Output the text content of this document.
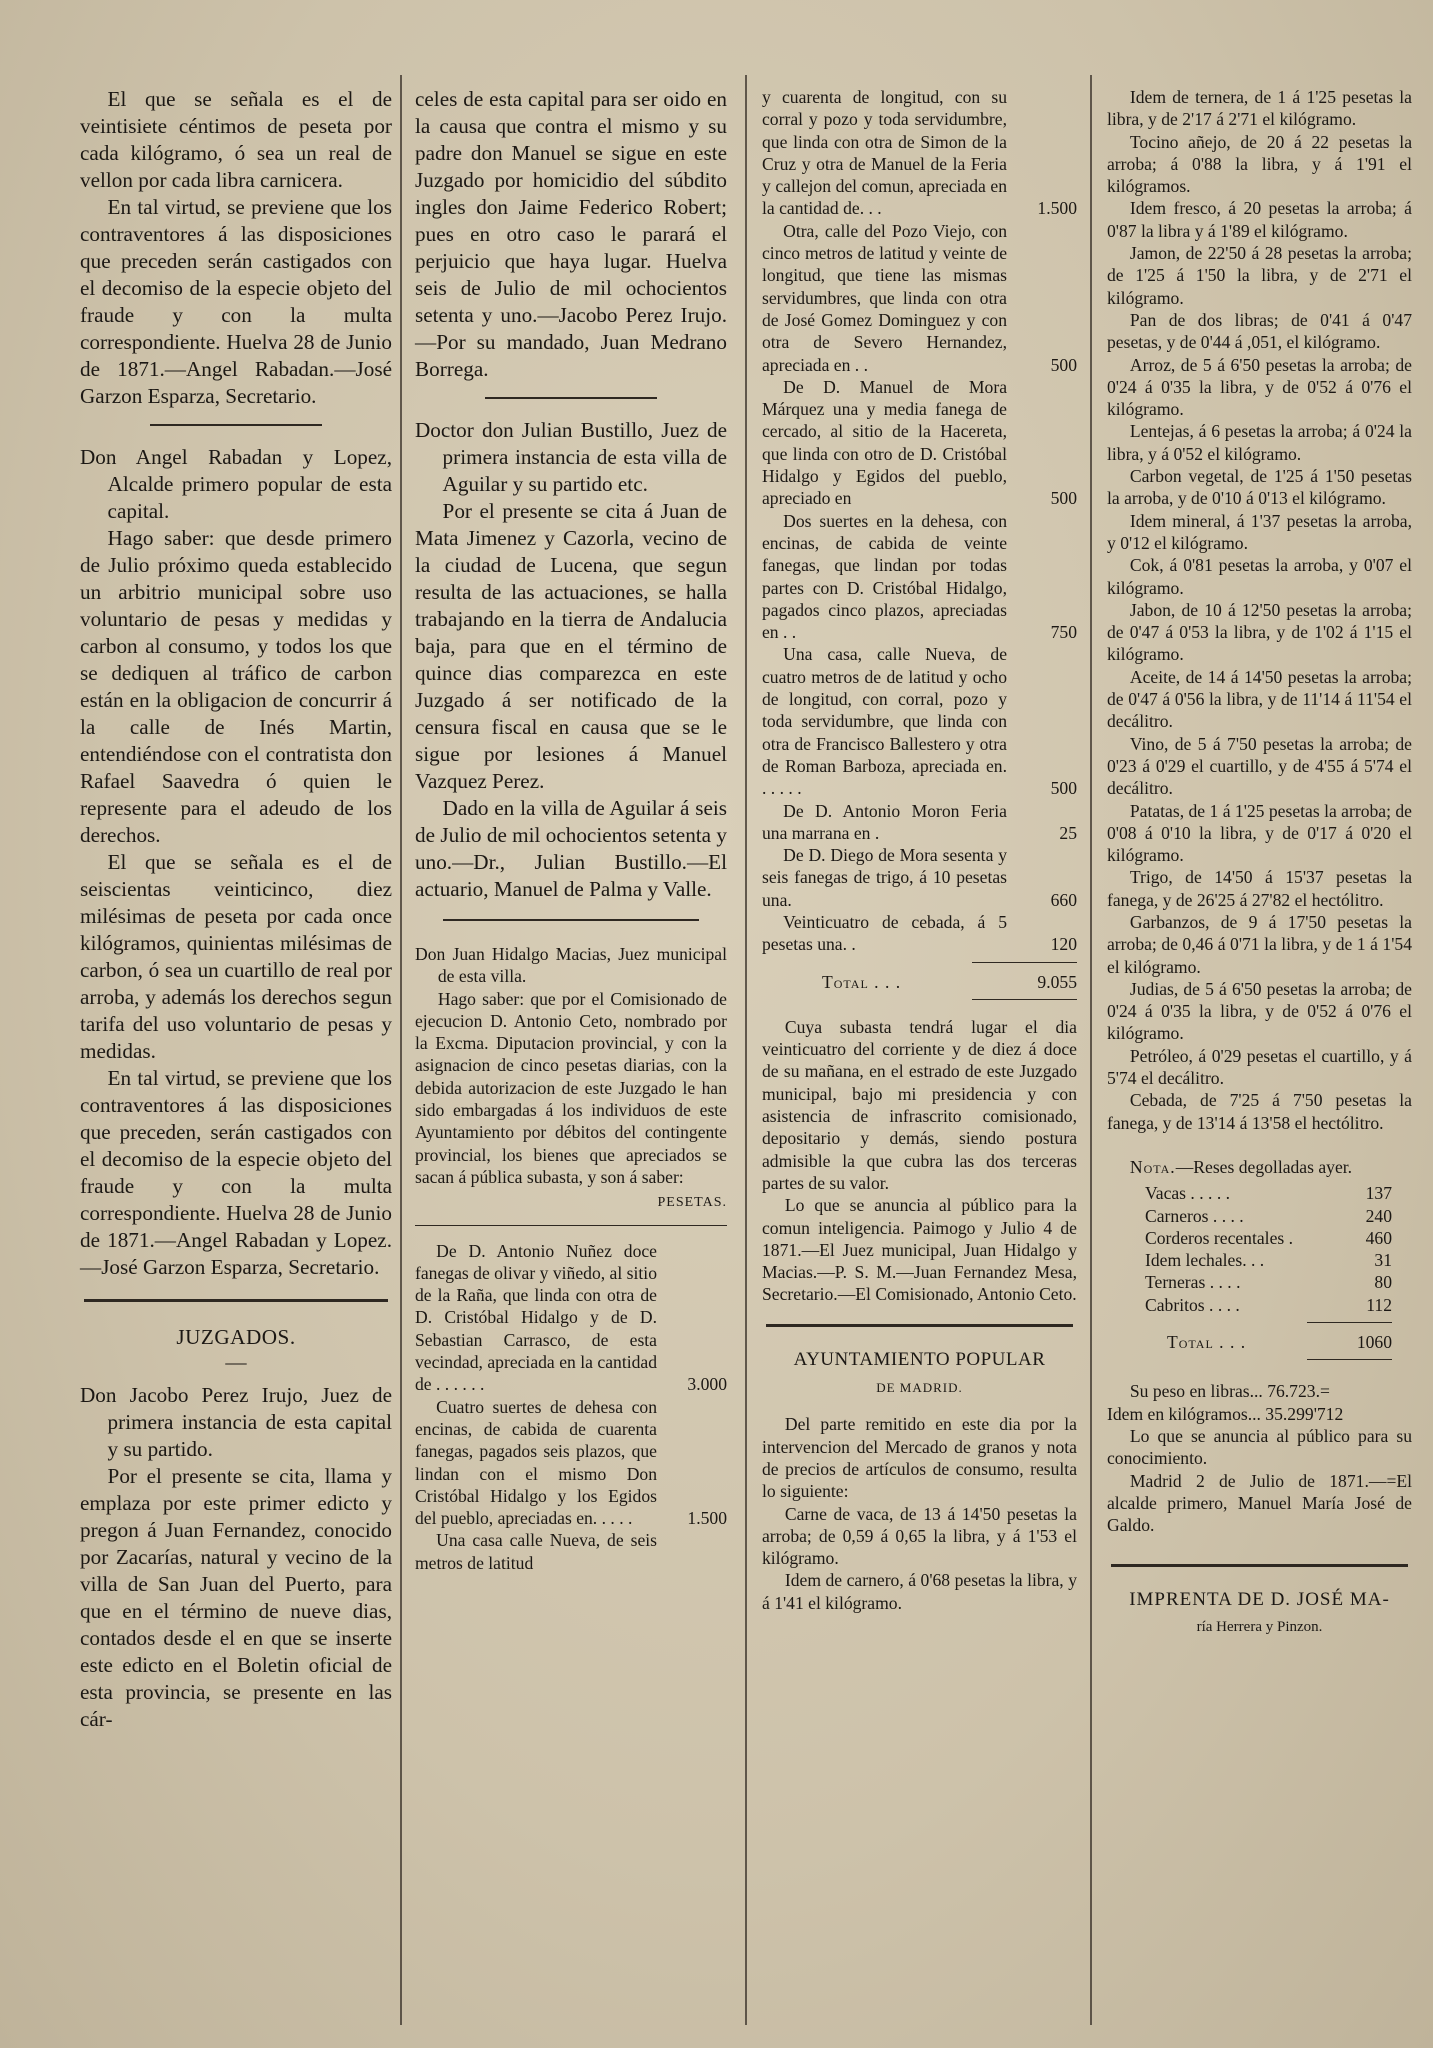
El que se señala es el de veintisiete céntimos de peseta por cada kilógramo, ó sea un real de vellon por cada libra carnicera.

En tal virtud, se previene que los contraventores á las disposiciones que preceden serán castigados con el decomiso de la especie objeto del fraude y con la multa correspondiente. Huelva 28 de Junio de 1871.—Angel Rabadan.—José Garzon Esparza, Secretario.

Don Angel Rabadan y Lopez, Alcalde primero popular de esta capital.

Hago saber: que desde primero de Julio próximo queda establecido un arbitrio municipal sobre uso voluntario de pesas y medidas y carbon al consumo, y todos los que se dediquen al tráfico de carbon están en la obligacion de concurrir á la calle de Inés Martin, entendiéndose con el contratista don Rafael Saavedra ó quien le represente para el adeudo de los derechos.

El que se señala es el de seiscientas veinticinco, diez milésimas de peseta por cada once kilógramos, quinientas milésimas de carbon, ó sea un cuartillo de real por arroba, y además los derechos segun tarifa del uso voluntario de pesas y medidas.

En tal virtud, se previene que los contraventores á las disposiciones que preceden, serán castigados con el decomiso de la especie objeto del fraude y con la multa correspondiente. Huelva 28 de Junio de 1871.—Angel Rabadan y Lopez.—José Garzon Esparza, Secretario.

JUZGADOS.
—

Don Jacobo Perez Irujo, Juez de primera instancia de esta capital y su partido.

Por el presente se cita, llama y emplaza por este primer edicto y pregon á Juan Fernandez, conocido por Zacarías, natural y vecino de la villa de San Juan del Puerto, para que en el término de nueve dias, contados desde el en que se inserte este edicto en el Boletin oficial de esta provincia, se presente en las cár-

celes de esta capital para ser oido en la causa que contra el mismo y su padre don Manuel se sigue en este Juzgado por homicidio del súbdito ingles don Jaime Federico Robert; pues en otro caso le parará el perjuicio que haya lugar. Huelva seis de Julio de mil ochocientos setenta y uno.—Jacobo Perez Irujo.—Por su mandado, Juan Medrano Borrega.

Doctor don Julian Bustillo, Juez de primera instancia de esta villa de Aguilar y su partido etc.

Por el presente se cita á Juan de Mata Jimenez y Cazorla, vecino de la ciudad de Lucena, que segun resulta de las actuaciones, se halla trabajando en la tierra de Andalucia baja, para que en el término de quince dias comparezca en este Juzgado á ser notificado de la censura fiscal en causa que se le sigue por lesiones á Manuel Vazquez Perez.

Dado en la villa de Aguilar á seis de Julio de mil ochocientos setenta y uno.—Dr., Julian Bustillo.—El actuario, Manuel de Palma y Valle.

Don Juan Hidalgo Macias, Juez municipal de esta villa.

Hago saber: que por el Comisionado de ejecucion D. Antonio Ceto, nombrado por la Excma. Diputacion provincial, y con la asignacion de cinco pesetas diarias, con la debida autorizacion de este Juzgado le han sido embargadas á los individuos de este Ayuntamiento por débitos del contingente provincial, los bienes que apreciados se sacan á pública subasta, y son á saber:

PESETAS.
De D. Antonio Nuñez doce fanegas de olivar y viñedo, al sitio de la Raña, que linda con otra de D. Cristóbal Hidalgo y de D. Sebastian Carrasco, de esta vecindad, apreciada en la cantidad de . . . . . .	3.000
Cuatro suertes de dehesa con encinas, de cabida de cuarenta fanegas, pagados seis plazos, que lindan con el mismo Don Cristóbal Hidalgo y los Egidos del pueblo, apreciadas en. . . . .	1.500
Una casa calle Nueva, de seis metros de latitud
y cuarenta de longitud, con su corral y pozo y toda servidumbre, que linda con otra de Simon de la Cruz y otra de Manuel de la Feria y callejon del comun, apreciada en la cantidad de. . .	1.500
Otra, calle del Pozo Viejo, con cinco metros de latitud y veinte de longitud, que tiene las mismas servidumbres, que linda con otra de José Gomez Dominguez y con otra de Severo Hernandez, apreciada en . .	500
De D. Manuel de Mora Márquez una y media fanega de cercado, al sitio de la Hacereta, que linda con otro de D. Cristóbal Hidalgo y Egidos del pueblo, apreciado en	500
Dos suertes en la dehesa, con encinas, de cabida de veinte fanegas, que lindan por todas partes con D. Cristóbal Hidalgo, pagados cinco plazos, apreciadas en . .	750
Una casa, calle Nueva, de cuatro metros de de latitud y ocho de longitud, con corral, pozo y toda servidumbre, que linda con otra de Francisco Ballestero y otra de Roman Barboza, apreciada en. . . . . .	500
De D. Antonio Moron Feria una marrana en .	25
De D. Diego de Mora sesenta y seis fanegas de trigo, á 10 pesetas una.	660
Veinticuatro de cebada, á 5 pesetas una. .	120
Total . . .	9.055

Cuya subasta tendrá lugar el dia veinticuatro del corriente y de diez á doce de su mañana, en el estrado de este Juzgado municipal, bajo mi presidencia y con asistencia de infrascrito comisionado, depositario y demás, siendo postura admisible la que cubra las dos terceras partes de su valor.

Lo que se anuncia al público para la comun inteligencia. Paimogo y Julio 4 de 1871.—El Juez municipal, Juan Hidalgo y Macias.—P. S. M.—Juan Fernandez Mesa, Secretario.—El Comisionado, Antonio Ceto.

AYUNTAMIENTO POPULAR
DE MADRID.

Del parte remitido en este dia por la intervencion del Mercado de granos y nota de precios de artículos de consumo, resulta lo siguiente:

Carne de vaca, de 13 á 14'50 pesetas la arroba; de 0,59 á 0,65 la libra, y á 1'53 el kilógramo.

Idem de carnero, á 0'68 pesetas la libra, y á 1'41 el kilógramo.

Idem de ternera, de 1 á 1'25 pesetas la libra, y de 2'17 á 2'71 el kilógramo.

Tocino añejo, de 20 á 22 pesetas la arroba; á 0'88 la libra, y á 1'91 el kilógramos.

Idem fresco, á 20 pesetas la arroba; á 0'87 la libra y á 1'89 el kilógramo.

Jamon, de 22'50 á 28 pesetas la arroba; de 1'25 á 1'50 la libra, y de 2'71 el kilógramo.

Pan de dos libras; de 0'41 á 0'47 pesetas, y de 0'44 á ,051, el kilógramo.

Arroz, de 5 á 6'50 pesetas la arroba; de 0'24 á 0'35 la libra, y de 0'52 á 0'76 el kilógramo.

Lentejas, á 6 pesetas la arroba; á 0'24 la libra, y á 0'52 el kilógramo.

Carbon vegetal, de 1'25 á 1'50 pesetas la arroba, y de 0'10 á 0'13 el kilógramo.

Idem mineral, á 1'37 pesetas la arroba, y 0'12 el kilógramo.

Cok, á 0'81 pesetas la arroba, y 0'07 el kilógramo.

Jabon, de 10 á 12'50 pesetas la arroba; de 0'47 á 0'53 la libra, y de 1'02 á 1'15 el kilógramo.

Aceite, de 14 á 14'50 pesetas la arroba; de 0'47 á 0'56 la libra, y de 11'14 á 11'54 el decálitro.

Vino, de 5 á 7'50 pesetas la arroba; de 0'23 á 0'29 el cuartillo, y de 4'55 á 5'74 el decálitro.

Patatas, de 1 á 1'25 pesetas la arroba; de 0'08 á 0'10 la libra, y de 0'17 á 0'20 el kilógramo.

Trigo, de 14'50 á 15'37 pesetas la fanega, y de 26'25 á 27'82 el hectólitro.

Garbanzos, de 9 á 17'50 pesetas la arroba; de 0,46 á 0'71 la libra, y de 1 á 1'54 el kilógramo.

Judias, de 5 á 6'50 pesetas la arroba; de 0'24 á 0'35 la libra, y de 0'52 á 0'76 el kilógramo.

Petróleo, á 0'29 pesetas el cuartillo, y á 5'74 el decálitro.

Cebada, de 7'25 á 7'50 pesetas la fanega, y de 13'14 á 13'58 el hectólitro.

Nota.—Reses degolladas ayer.

Vacas . . . . .	137
Carneros . . . .	240
Corderos recentales .	460
Idem lechales. . .	31
Terneras . . . .	80
Cabritos . . . .	112
Total . . .	1060

Su peso en libras... 76.723.=

Idem en kilógramos... 35.299'712

Lo que se anuncia al público para su conocimiento.

Madrid 2 de Julio de 1871.—=El alcalde primero, Manuel María José de Galdo.

IMPRENTA DE D. JOSÉ MA-
ría Herrera y Pinzon.
